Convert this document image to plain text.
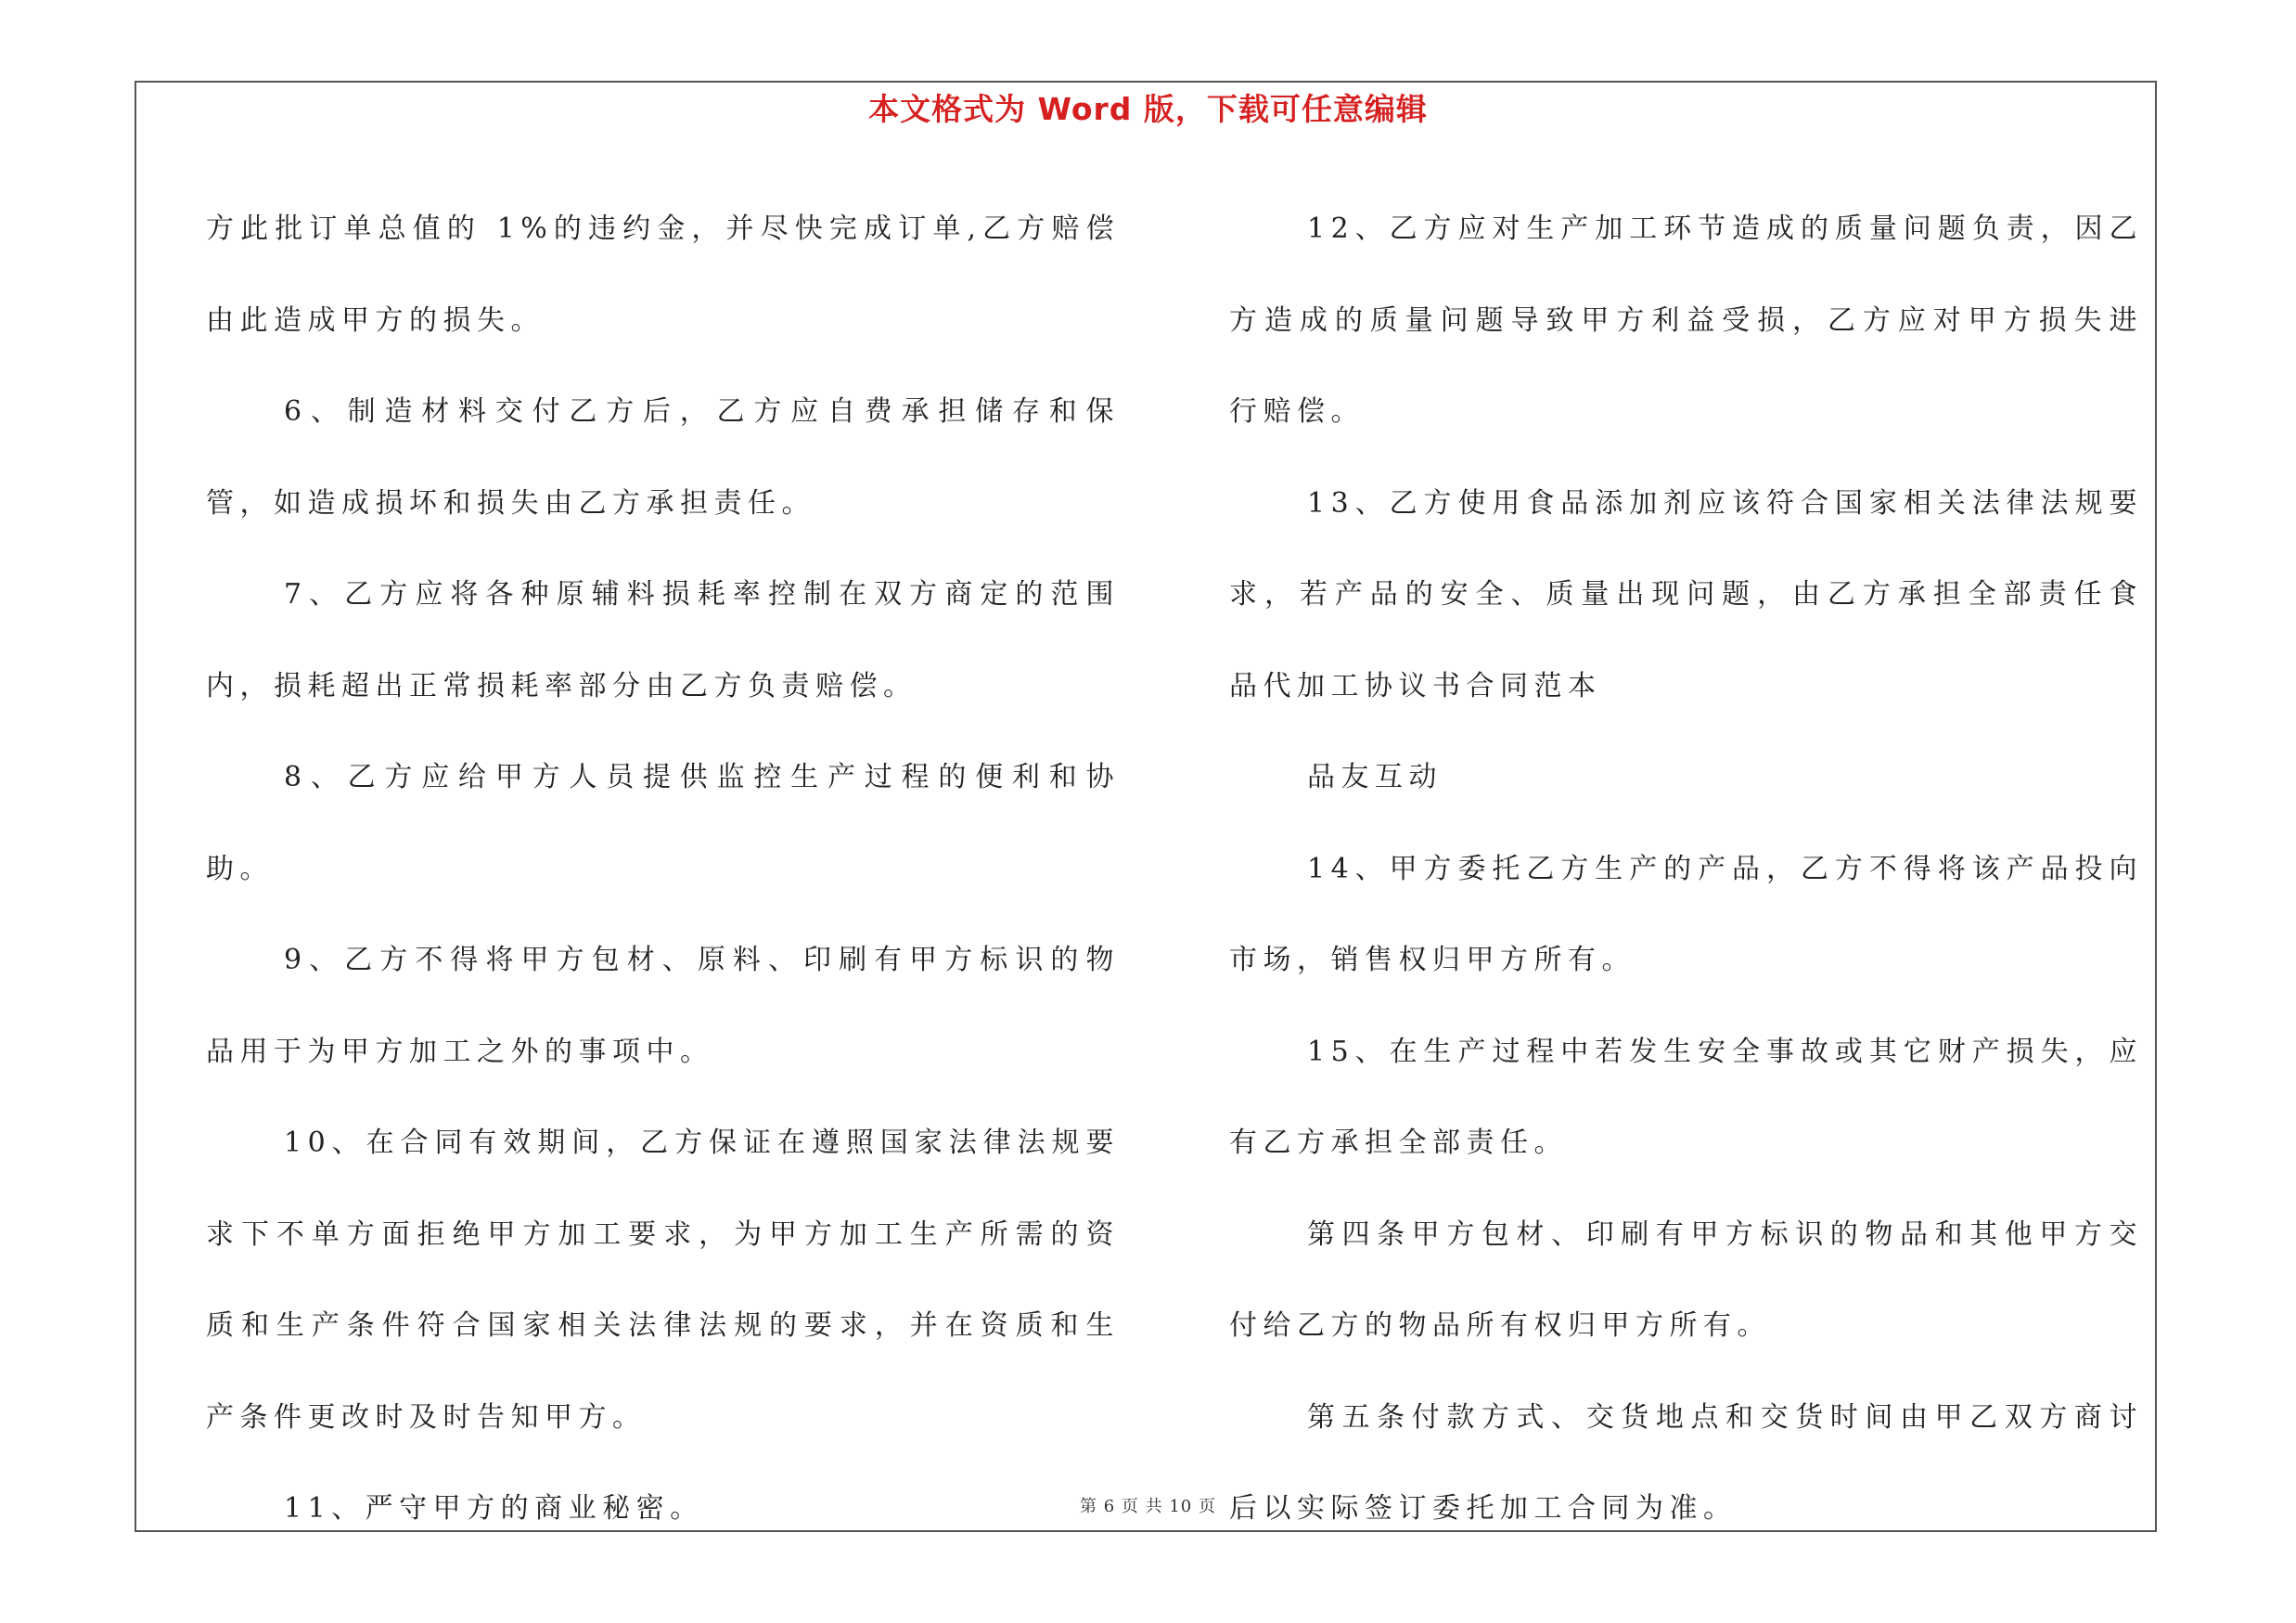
本文格式为 Word 版，下载可任意编辑

方此批订单总值的 1%的违约金，并尽快完成订单,乙方赔偿由此造成甲方的损失。

6、制造材料交付乙方后，乙方应自费承担储存和保管，如造成损坏和损失由乙方承担责任。

7、乙方应将各种原辅料损耗率控制在双方商定的范围内，损耗超出正常损耗率部分由乙方负责赔偿。

8、乙方应给甲方人员提供监控生产过程的便利和协助。

9、乙方不得将甲方包材、原料、印刷有甲方标识的物品用于为甲方加工之外的事项中。

10、在合同有效期间，乙方保证在遵照国家法律法规要求下不单方面拒绝甲方加工要求，为甲方加工生产所需的资质和生产条件符合国家相关法律法规的要求，并在资质和生产条件更改时及时告知甲方。

11、严守甲方的商业秘密。

12、乙方应对生产加工环节造成的质量问题负责，因乙方造成的质量问题导致甲方利益受损，乙方应对甲方损失进行赔偿。

13、乙方使用食品添加剂应该符合国家相关法律法规要求，若产品的安全、质量出现问题，由乙方承担全部责任食品代加工协议书合同范本

品友互动

14、甲方委托乙方生产的产品，乙方不得将该产品投向市场，销售权归甲方所有。

15、在生产过程中若发生安全事故或其它财产损失，应有乙方承担全部责任。

第四条甲方包材、印刷有甲方标识的物品和其他甲方交付给乙方的物品所有权归甲方所有。

第五条付款方式、交货地点和交货时间由甲乙双方商讨后以实际签订委托加工合同为准。

第 6 页 共 10 页
